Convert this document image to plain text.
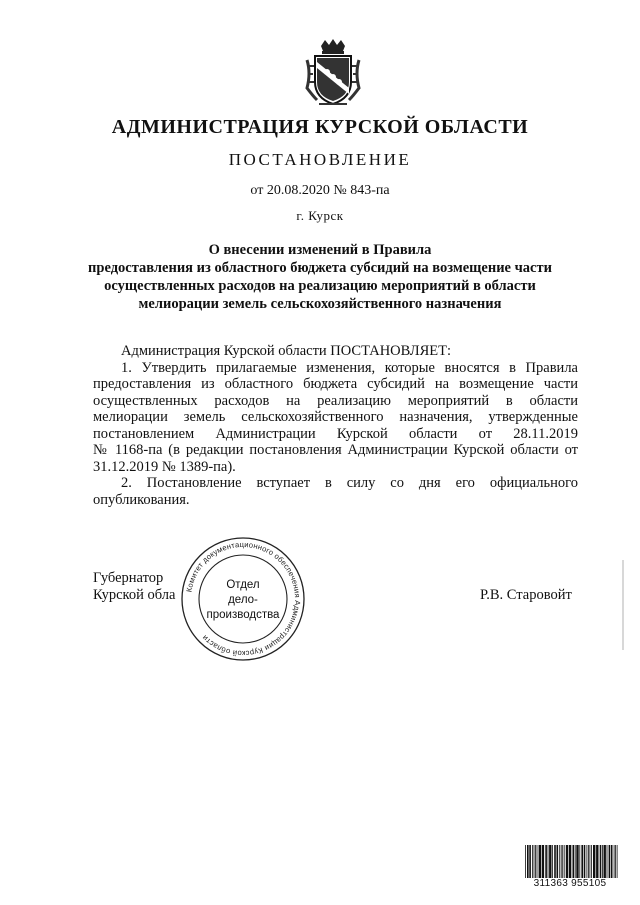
АДМИНИСТРАЦИЯ КУРСКОЙ ОБЛАСТИ
ПОСТАНОВЛЕНИЕ
от 20.08.2020 № 843-па
г. Курск
О внесении изменений в Правила
предоставления из областного бюджета субсидий на возмещение части
осуществленных расходов на реализацию мероприятий в области
мелиорации земель сельскохозяйственного назначения
Администрация Курской области ПОСТАНОВЛЯЕТ:
1. Утвердить прилагаемые изменения, которые вносятся в Правила
предоставления из областного бюджета субсидий на возмещение части
осуществленных расходов на реализацию мероприятий в области
мелиорации земель сельскохозяйственного назначения, утвержденные
постановлением Администрации Курской области от 28.11.2019
№ 1168-па (в редакции постановления Администрации Курской области от
31.12.2019 № 1389-па).
2. Постановление вступает в силу со дня его официального
опубликования.
Губернатор
Курской обла	Р.В. Старовойт
Комитет документационного обеспечения Администрации Курской области
Отдел
дело-
производства
311363 955105
